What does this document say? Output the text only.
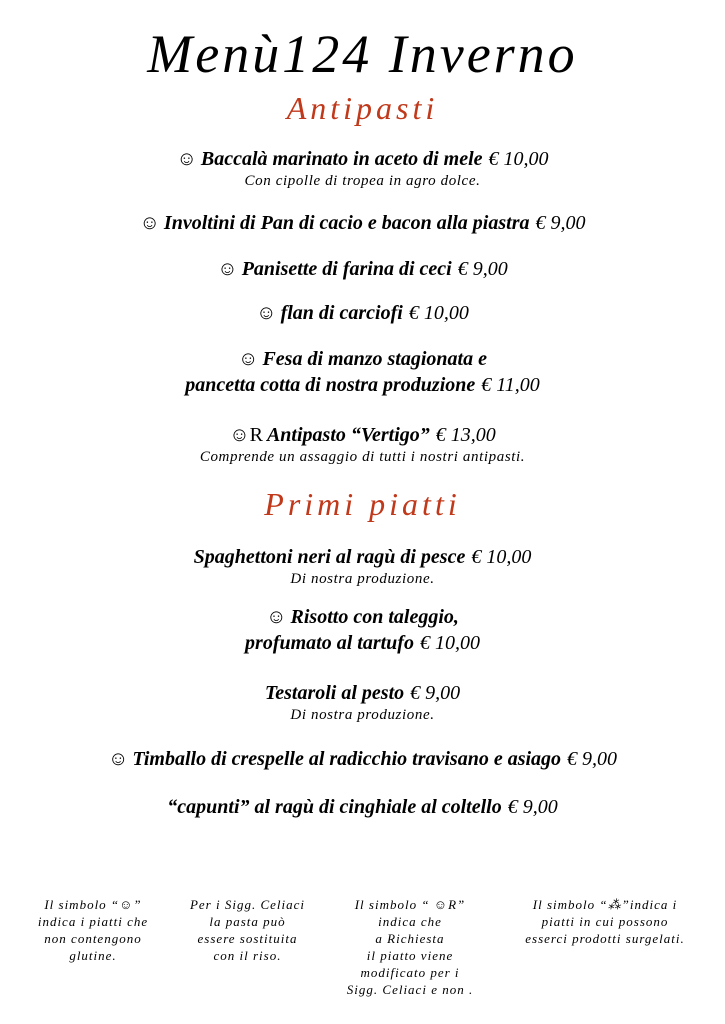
Menù124 Inverno
Antipasti
Primi piatti
☺ Baccalà marinato in aceto di mele € 10,00
Con cipolle di tropea in agro dolce.
☺ Involtini di Pan di cacio e bacon alla piastra € 9,00
☺ Panisette di farina di ceci € 9,00
☺ flan di carciofi € 10,00
☺ Fesa di manzo stagionata e
pancetta cotta di nostra produzione € 11,00
☺R Antipasto “Vertigo” € 13,00
Comprende un assaggio di tutti i nostri antipasti.
Spaghettoni neri al ragù di pesce € 10,00
Di nostra produzione.
☺ Risotto con taleggio,
profumato al tartufo € 10,00
Testaroli al pesto € 9,00
Di nostra produzione.
☺ Timballo di crespelle al radicchio travisano e asiago € 9,00
“capunti” al ragù di cinghiale al coltello € 9,00
Il simbolo “☺”
indica i piatti che
non contengono
glutine.
Per i Sigg. Celiaci
la pasta può
essere sostituita
con il riso.
Il simbolo “ ☺R”
indica che
a Richiesta
il piatto viene
modificato per i
Sigg. Celiaci e non .
Il simbolo “⁂”indica i
piatti in cui possono
esserci prodotti surgelati.
